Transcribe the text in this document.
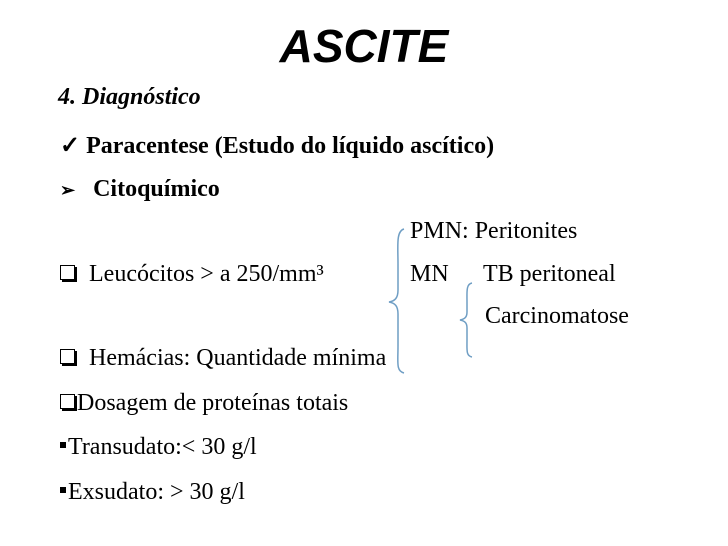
ASCITE
4. Diagnóstico
✓ Paracentese (Estudo do líquido ascítico)
➢ Citoquímico
PMN: Peritonites
Leucócitos > a 250/mm³	MN TB peritoneal
Carcinomatose
Hemácias: Quantidade mínima
Dosagem de proteínas totais
Transudato:< 30 g/l
Exsudato: > 30 g/l
